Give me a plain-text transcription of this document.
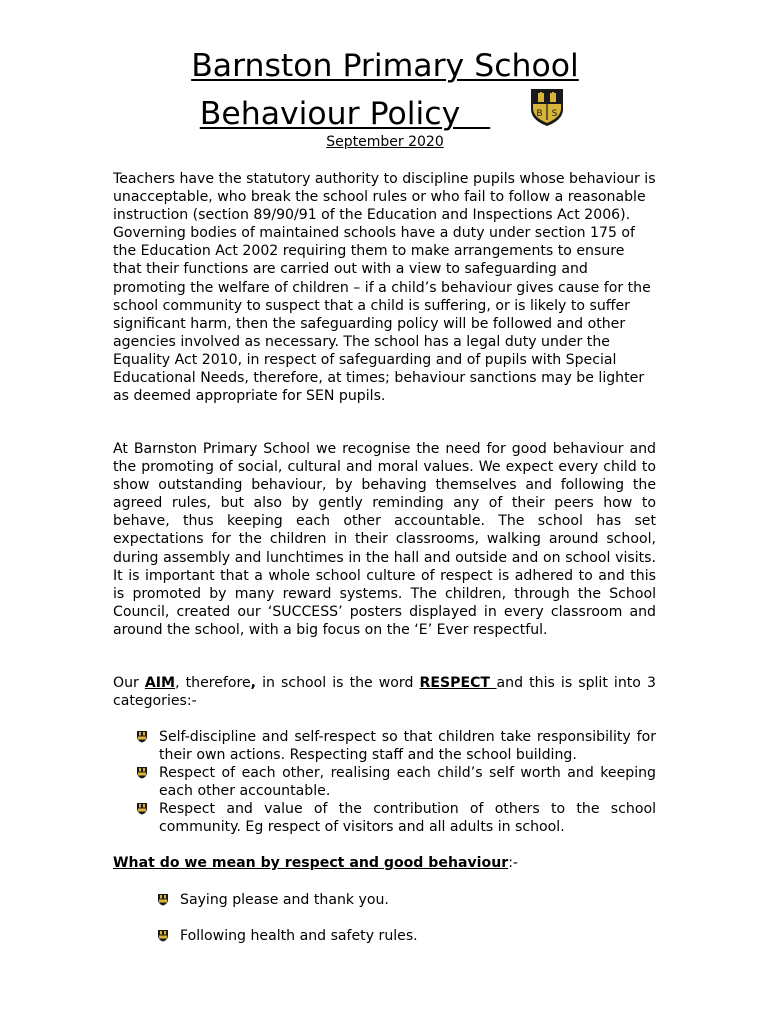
Barnston Primary School
Behaviour Policy	B S
September 2020

Teachers have the statutory authority to discipline pupils whose behaviour is unacceptable, who break the school rules or who fail to follow a reasonable instruction (section 89/90/91 of the Education and Inspections Act 2006). Governing bodies of maintained schools have a duty under section 175 of the Education Act 2002 requiring them to make arrangements to ensure that their functions are carried out with a view to safeguarding and promoting the welfare of children – if a child’s behaviour gives cause for the school community to suspect that a child is suffering, or is likely to suffer significant harm, then the safeguarding policy will be followed and other agencies involved as necessary. The school has a legal duty under the Equality Act 2010, in respect of safeguarding and of pupils with Special Educational Needs, therefore, at times; behaviour sanctions may be lighter as deemed appropriate for SEN pupils.

At Barnston Primary School we recognise the need for good behaviour and the promoting of social, cultural and moral values. We expect every child to show outstanding behaviour, by behaving themselves and following the agreed rules, but also by gently reminding any of their peers how to behave, thus keeping each other accountable. The school has set expectations for the children in their classrooms, walking around school, during assembly and lunchtimes in the hall and outside and on school visits. It is important that a whole school culture of respect is adhered to and this is promoted by many reward systems. The children, through the School Council, created our ‘SUCCESS’ posters displayed in every classroom and around the school, with a big focus on the ‘E’ Ever respectful.

Our AIM, therefore, in school is the word RESPECT and this is split into 3 categories:-

Self-discipline and self-respect so that children take responsibility for their own actions. Respecting staff and the school building.
Respect of each other, realising each child’s self worth and keeping each other accountable.
Respect and value of the contribution of others to the school community. Eg respect of visitors and all adults in school.
What do we mean by respect and good behaviour:-
Saying please and thank you.
Following health and safety rules.
